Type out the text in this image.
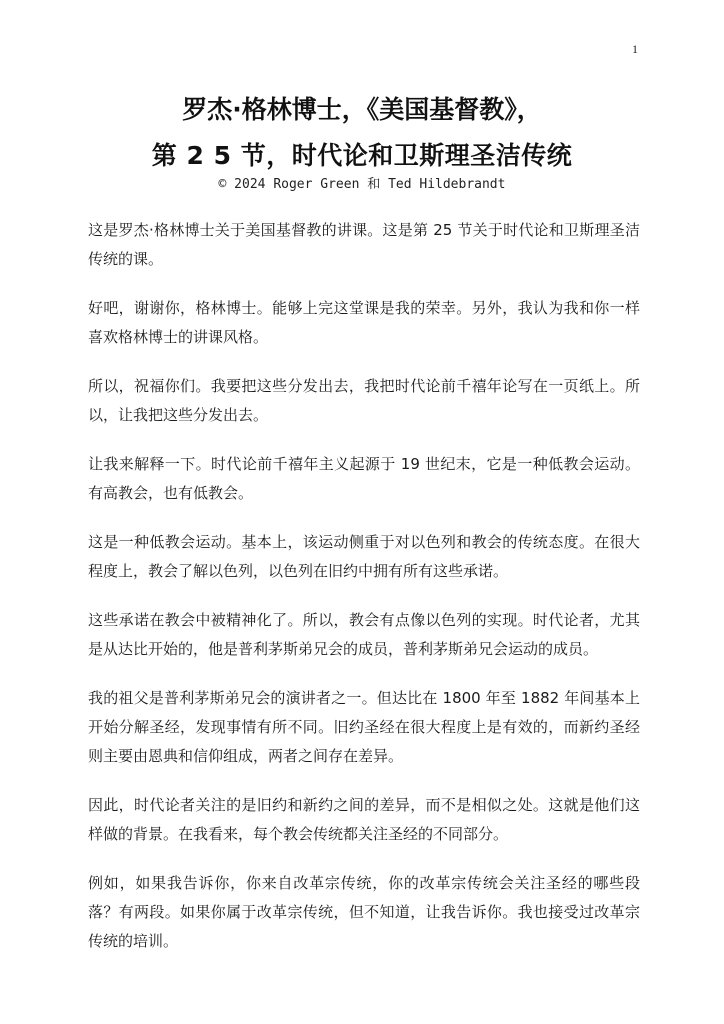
1
罗杰·格林博士，《美国基督教》，
第 2 5 节，时代论和卫斯理圣洁传统
© 2024 Roger Green 和 Ted Hildebrandt

这是罗杰·格林博士关于美国基督教的讲课。这是第 25 节关于时代论和卫斯理圣洁传统的课。

好吧，谢谢你，格林博士。能够上完这堂课是我的荣幸。另外，我认为我和你一样喜欢格林博士的讲课风格。

所以，祝福你们。我要把这些分发出去，我把时代论前千禧年论写在一页纸上。所以，让我把这些分发出去。

让我来解释一下。时代论前千禧年主义起源于 19 世纪末，它是一种低教会运动。有高教会，也有低教会。

这是一种低教会运动。基本上，该运动侧重于对以色列和教会的传统态度。在很大程度上，教会了解以色列，以色列在旧约中拥有所有这些承诺。

这些承诺在教会中被精神化了。所以，教会有点像以色列的实现。时代论者，尤其是从达比开始的，他是普利茅斯弟兄会的成员，普利茅斯弟兄会运动的成员。

我的祖父是普利茅斯弟兄会的演讲者之一。但达比在 1800 年至 1882 年间基本上开始分解圣经，发现事情有所不同。旧约圣经在很大程度上是有效的，而新约圣经则主要由恩典和信仰组成，两者之间存在差异。

因此，时代论者关注的是旧约和新约之间的差异，而不是相似之处。这就是他们这样做的背景。在我看来，每个教会传统都关注圣经的不同部分。

例如，如果我告诉你，你来自改革宗传统，你的改革宗传统会关注圣经的哪些段落？有两段。如果你属于改革宗传统，但不知道，让我告诉你。我也接受过改革宗传统的培训。
